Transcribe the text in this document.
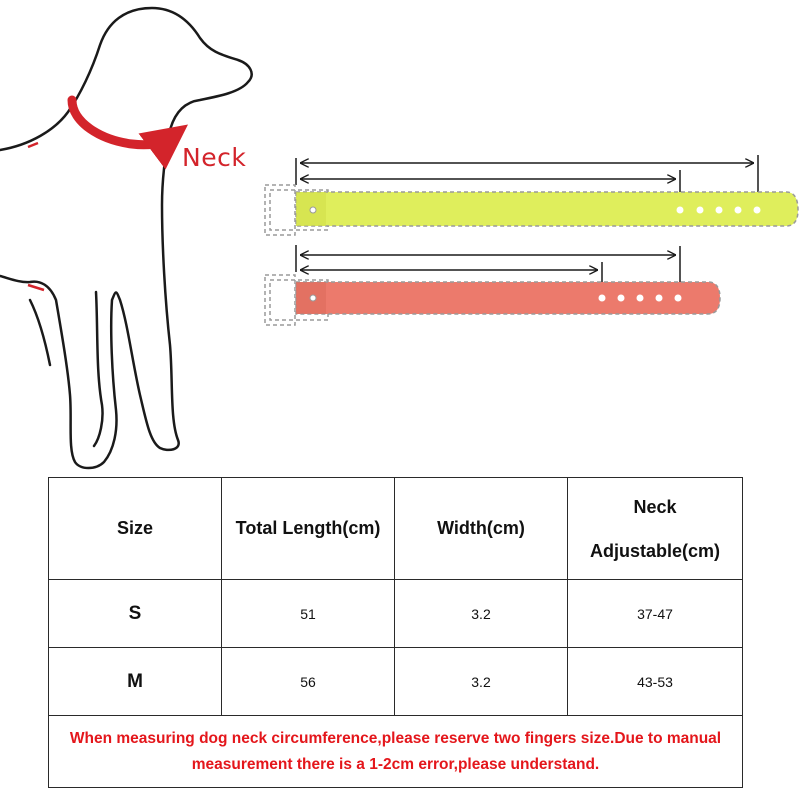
Neck
Size	Total Length(cm)	Width(cm)	Neck
Adjustable(cm)

S	51	3.2	37-47
M	56	3.2	43-53
When measuring dog neck circumference,please reserve two fingers size.Due to manual measurement there is a 1-2cm error,please understand.			
